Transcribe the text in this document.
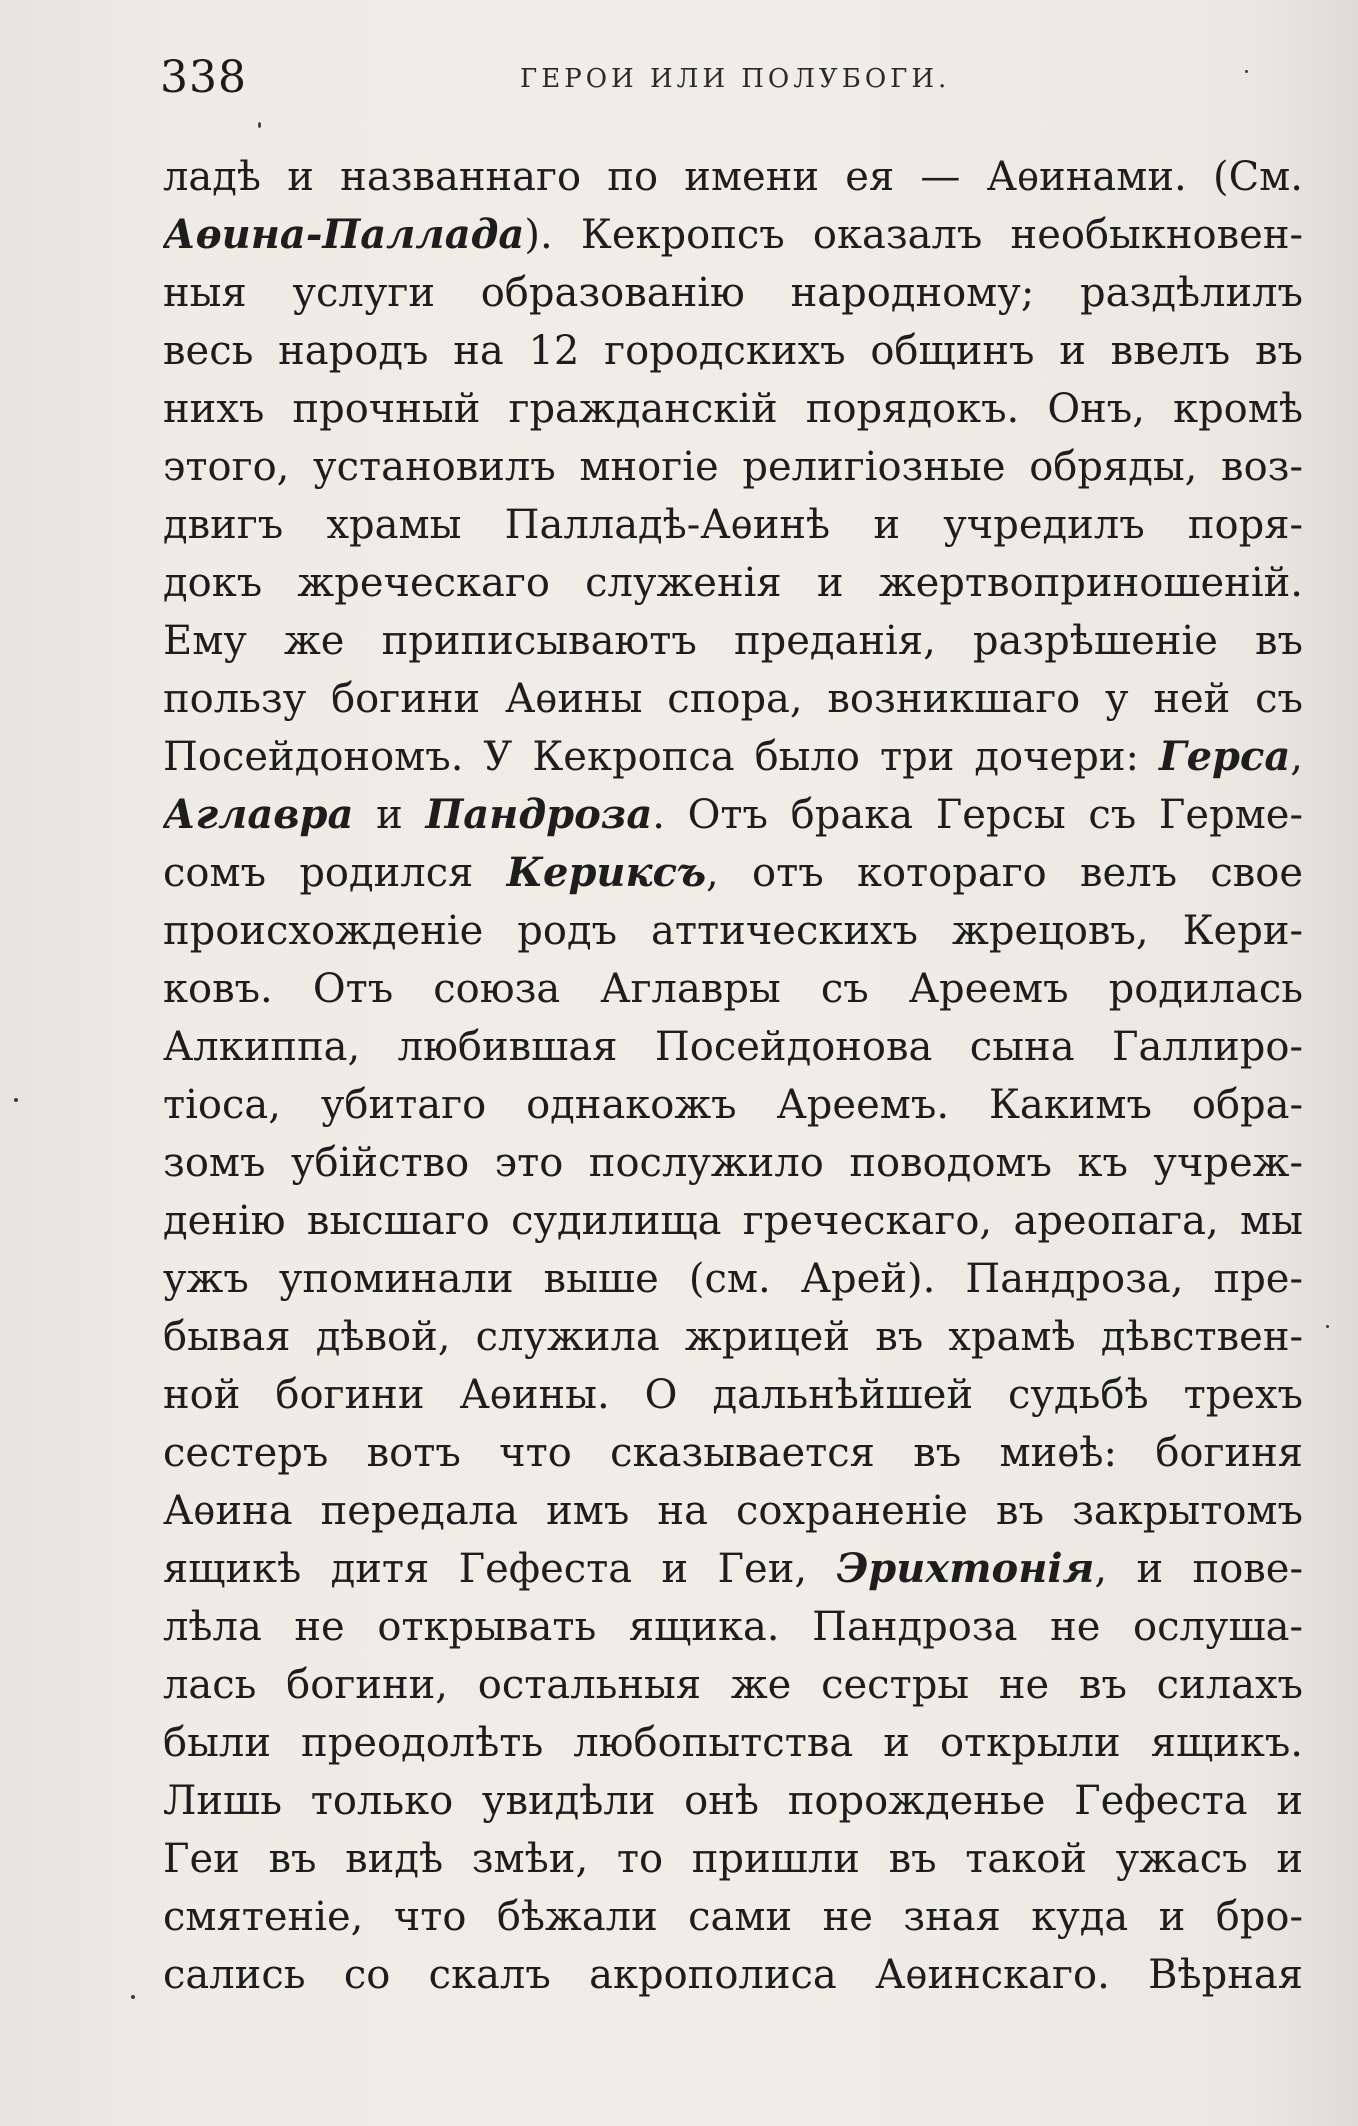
338	ГЕРОИ ИЛИ ПОЛУБОГИ.
ладѣ и названнаго по имени ея — Аѳинами. (См.
Аѳина-Паллада). Кекропсъ оказалъ необыкновен-
ныя услуги образованію народному; раздѣлилъ
весь народъ на 12 городскихъ общинъ и ввелъ въ
нихъ прочный гражданскій порядокъ. Онъ, кромѣ
этого, установилъ многіе религіозные обряды, воз-
двигъ храмы Палладѣ-Аѳинѣ и учредилъ поря-
докъ жреческаго служенія и жертвоприношеній.
Ему же приписываютъ преданія, разрѣшеніе въ
пользу богини Аѳины спора, возникшаго у ней съ
Посейдономъ. У Кекропса было три дочери: Герса,
Аглавра и Пандроза. Отъ брака Герсы съ Герме-
сомъ родился Кериксъ, отъ котораго велъ свое
происхожденіе родъ аттическихъ жрецовъ, Кери-
ковъ. Отъ союза Аглавры съ Ареемъ родилась
Алкиппа, любившая Посейдонова сына Галлиро-
тіоса, убитаго однакожъ Ареемъ. Какимъ обра-
зомъ убійство это послужило поводомъ къ учреж-
денію высшаго судилища греческаго, ареопага, мы
ужъ упоминали выше (см. Арей). Пандроза, пре-
бывая дѣвой, служила жрицей въ храмѣ дѣвствен-
ной богини Аѳины. О дальнѣйшей судьбѣ трехъ
сестеръ вотъ что сказывается въ миѳѣ: богиня
Аѳина передала имъ на сохраненіе въ закрытомъ
ящикѣ дитя Гефеста и Геи, Эрихтонія, и пове-
лѣла не открывать ящика. Пандроза не ослуша-
лась богини, остальныя же сестры не въ силахъ
были преодолѣть любопытства и открыли ящикъ.
Лишь только увидѣли онѣ порожденье Гефеста и
Геи въ видѣ змѣи, то пришли въ такой ужасъ и
смятеніе, что бѣжали сами не зная куда и бро-
сались со скалъ акрополиса Аѳинскаго. Вѣрная
